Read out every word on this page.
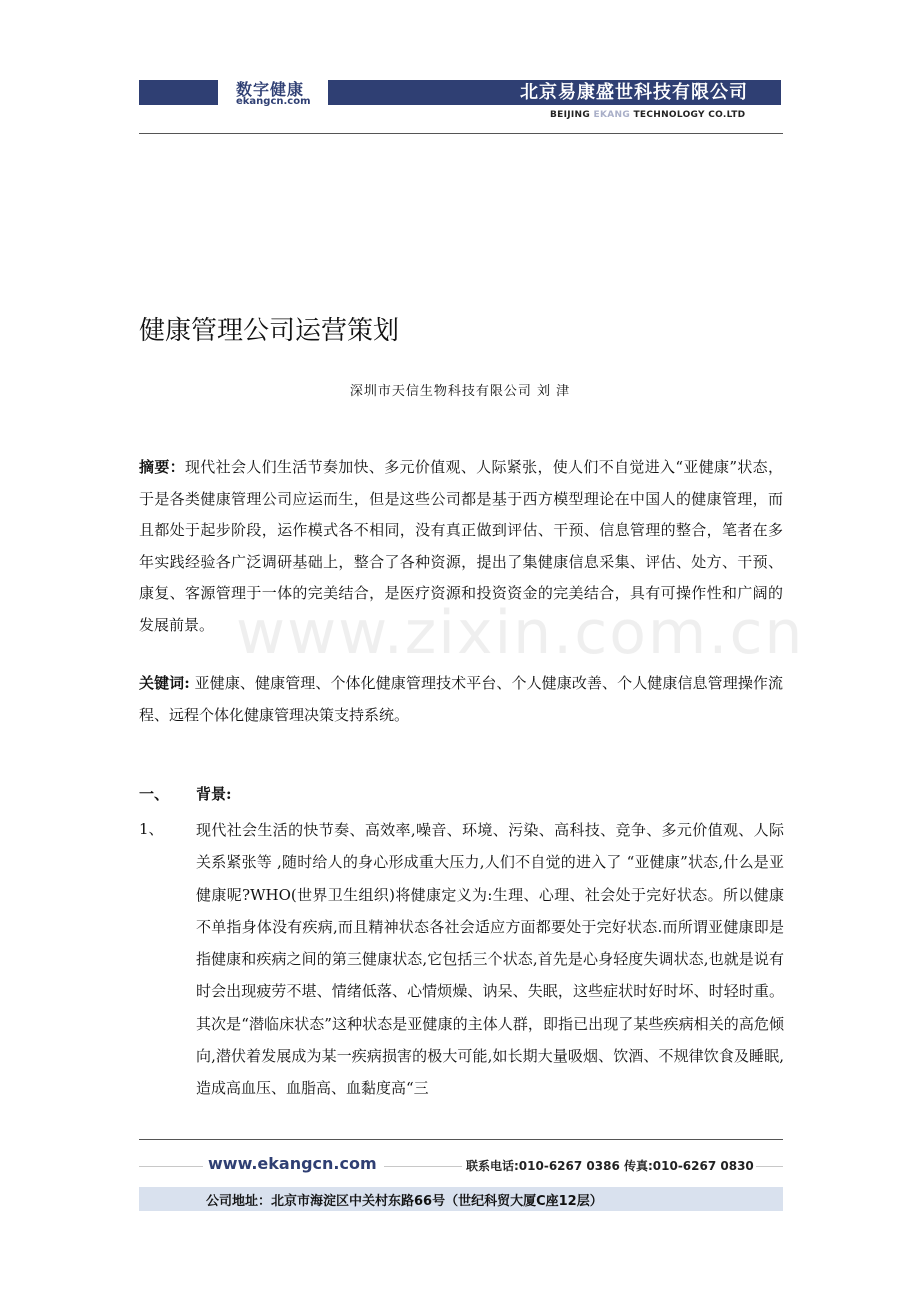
数字健康
ekangcn.com	北京易康盛世科技有限公司
BEIJING EKANG TECHNOLOGY CO.LTD
健康管理公司运营策划
深圳市天信生物科技有限公司 刘 津
摘要：现代社会人们生活节奏加快、多元价值观、人际紧张，使人们不自觉进入“亚健康”状态，于是各类健康管理公司应运而生，但是这些公司都是基于西方模型理论在中国人的健康管理，而且都处于起步阶段，运作模式各不相同，没有真正做到评估、干预、信息管理的整合，笔者在多年实践经验各广泛调研基础上，整合了各种资源，提出了集健康信息采集、评估、处方、干预、康复、客源管理于一体的完美结合，是医疗资源和投资资金的完美结合，具有可操作性和广阔的发展前景。
关键词: 亚健康、健康管理、个体化健康管理技术平台、个人健康改善、个人健康信息管理操作流程、远程个体化健康管理决策支持系统。
www.zixin.com.cn
一、 背景:
1、 现代社会生活的快节奏、高效率,噪音、环境、污染、高科技、竞争、多元价值观、人际关系紧张等 ,随时给人的身心形成重大压力,人们不自觉的进入了 “亚健康”状态,什么是亚健康呢?WHO(世界卫生组织)将健康定义为:生理、心理、社会处于完好状态。所以健康不单指身体没有疾病,而且精神状态各社会适应方面都要处于完好状态.而所谓亚健康即是指健康和疾病之间的第三健康状态,它包括三个状态,首先是心身轻度失调状态,也就是说有时会出现疲劳不堪、情绪低落、心情烦燥、讷呆、失眠，这些症状时好时坏、时轻时重。其次是“潜临床状态”这种状态是亚健康的主体人群，即指已出现了某些疾病相关的高危倾向,潜伏着发展成为某一疾病损害的极大可能,如长期大量吸烟、饮酒、不规律饮食及睡眠,造成高血压、血脂高、血黏度高“三
www.ekangcn.com	联系电话:010-6267 0386 传真:010-6267 0830
公司地址：北京市海淀区中关村东路66号（世纪科贸大厦C座12层）
